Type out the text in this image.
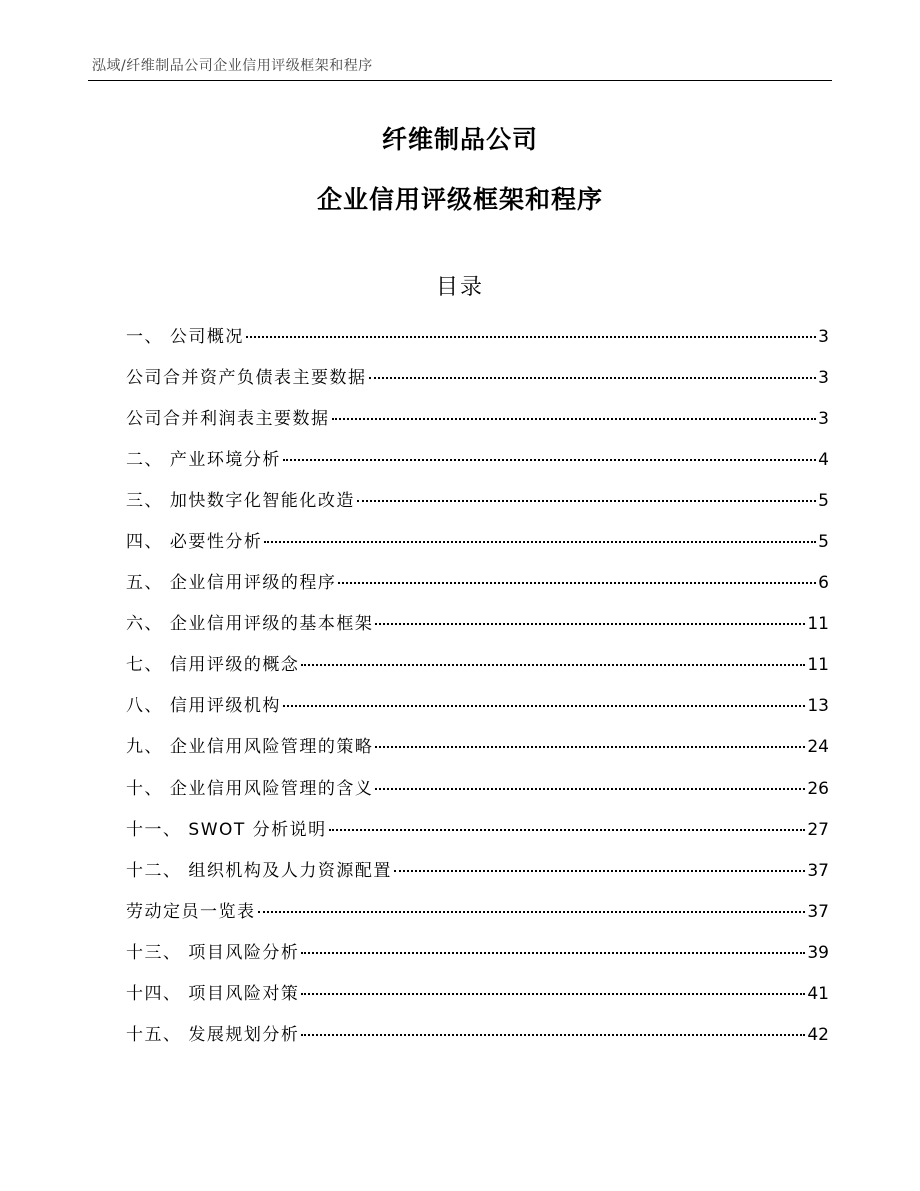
泓域/纤维制品公司企业信用评级框架和程序
纤维制品公司
企业信用评级框架和程序
目录
一、 公司概况	3
公司合并资产负债表主要数据	3
公司合并利润表主要数据	3
二、 产业环境分析	4
三、 加快数字化智能化改造	5
四、 必要性分析	5
五、 企业信用评级的程序	6
六、 企业信用评级的基本框架	11
七、 信用评级的概念	11
八、 信用评级机构	13
九、 企业信用风险管理的策略	24
十、 企业信用风险管理的含义	26
十一、 SWOT 分析说明	27
十二、 组织机构及人力资源配置	37
劳动定员一览表	37
十三、 项目风险分析	39
十四、 项目风险对策	41
十五、 发展规划分析	42
